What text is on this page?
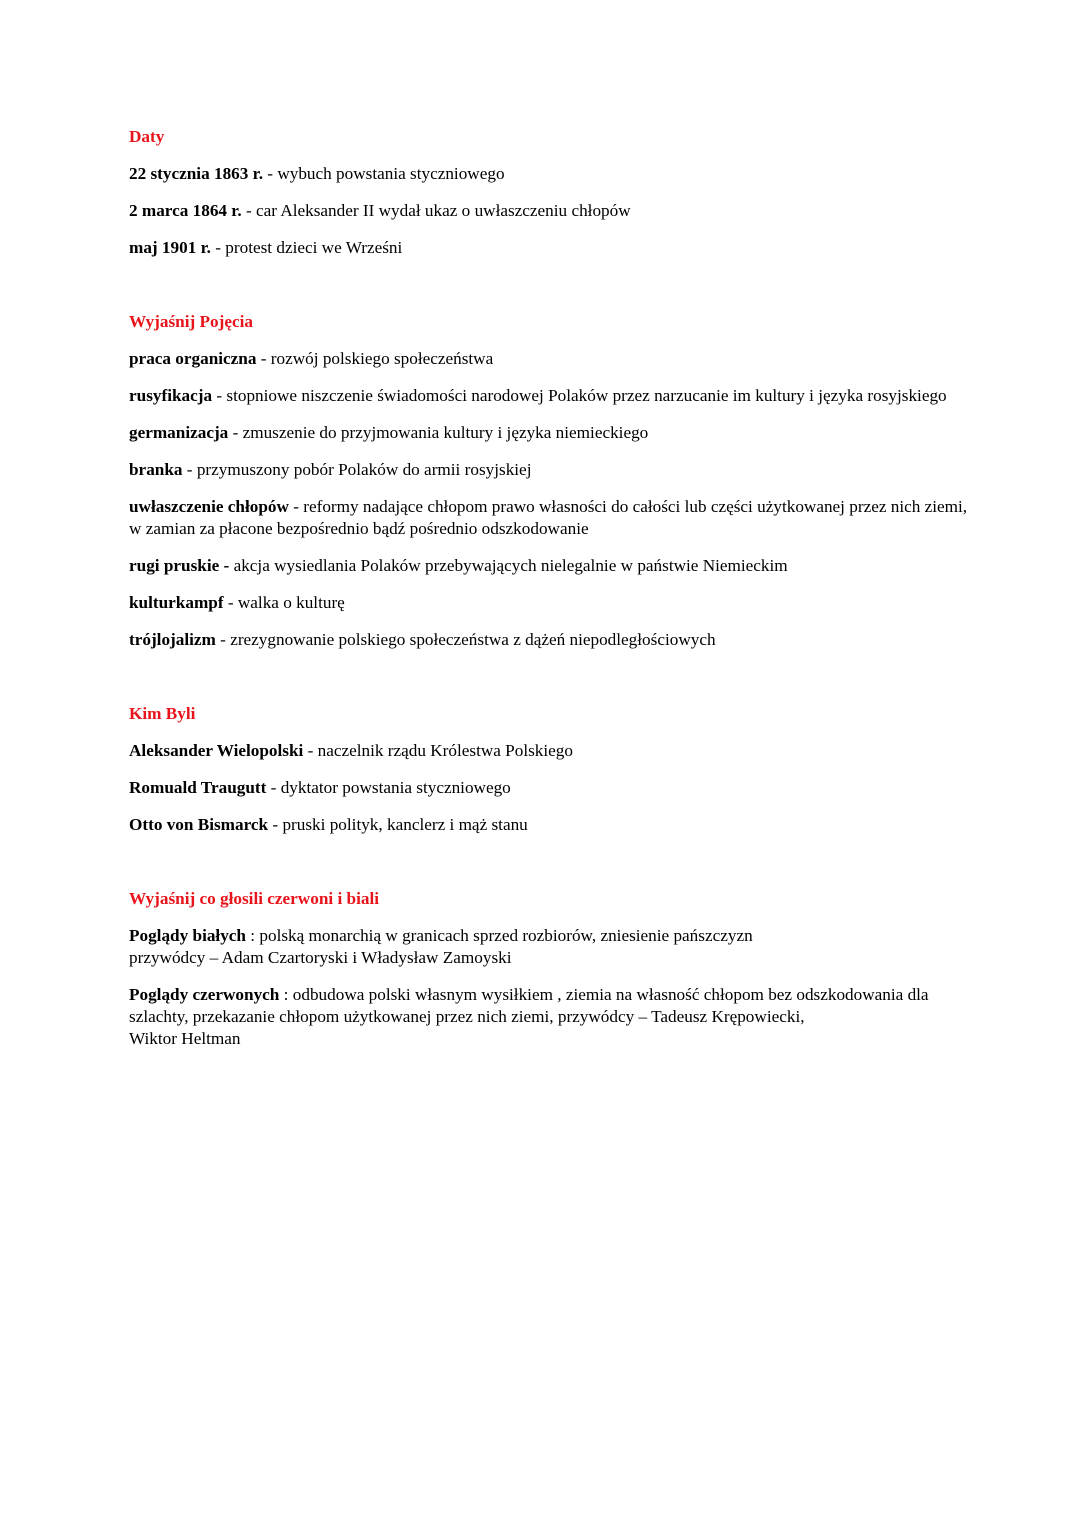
Daty
22 stycznia 1863 r. - wybuch powstania styczniowego
2 marca 1864 r. - car Aleksander II wydał ukaz o uwłaszczeniu chłopów
maj 1901 r. - protest dzieci we Wrześni
Wyjaśnij Pojęcia
praca organiczna - rozwój polskiego społeczeństwa
rusyfikacja - stopniowe niszczenie świadomości narodowej Polaków przez narzucanie im kultury i języka rosyjskiego
germanizacja - zmuszenie do przyjmowania kultury i języka niemieckiego
branka - przymuszony pobór Polaków do armii rosyjskiej
uwłaszczenie chłopów - reformy nadające chłopom prawo własności do całości lub części użytkowanej przez nich ziemi, w zamian za płacone bezpośrednio bądź pośrednio odszkodowanie
rugi pruskie - akcja wysiedlania Polaków przebywających nielegalnie w państwie Niemieckim
kulturkampf - walka o kulturę
trójlojalizm - zrezygnowanie polskiego społeczeństwa z dążeń niepodległościowych
Kim Byli
Aleksander Wielopolski - naczelnik rządu Królestwa Polskiego
Romuald Traugutt - dyktator powstania styczniowego
Otto von Bismarck - pruski polityk, kanclerz i mąż stanu
Wyjaśnij co głosili czerwoni i biali
Poglądy białych : polską monarchią w granicach sprzed rozbiorów, zniesienie pańszczyzn
przywódcy – Adam Czartoryski i Władysław Zamoyski
Poglądy czerwonych : odbudowa polski własnym wysiłkiem , ziemia na własność chłopom bez odszkodowania dla szlachty, przekazanie chłopom użytkowanej przez nich ziemi, przywódcy – Tadeusz Krępowiecki,
Wiktor Heltman
